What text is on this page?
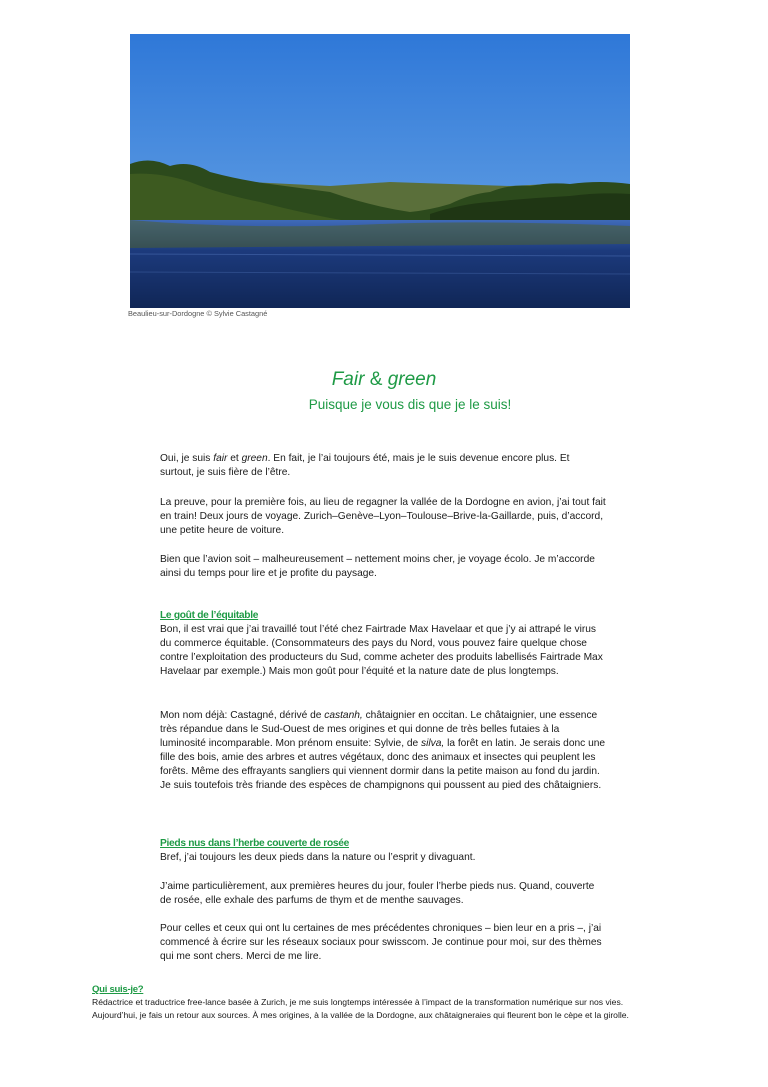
Beaulieu-sur-Dordogne © Sylvie Castagné
Fair & green
Puisque je vous dis que je le suis!

Oui, je suis fair et green. En fait, je l’ai toujours été, mais je le suis devenue encore plus. Et surtout, je suis fière de l’être.

La preuve, pour la première fois, au lieu de regagner la vallée de la Dordogne en avion, j’ai tout fait en train! Deux jours de voyage. Zurich–Genève–Lyon–Toulouse–Brive-la-Gaillarde, puis, d’accord, une petite heure de voiture.

Bien que l’avion soit – malheureusement – nettement moins cher, je voyage écolo. Je m’accorde ainsi du temps pour lire et je profite du paysage.

Le goût de l’équitable

Bon, il est vrai que j’ai travaillé tout l’été chez Fairtrade Max Havelaar et que j’y ai attrapé le virus du commerce équitable. (Consommateurs des pays du Nord, vous pouvez faire quelque chose contre l’exploitation des producteurs du Sud, comme acheter des produits labellisés Fairtrade Max Havelaar par exemple.) Mais mon goût pour l’équité et la nature date de plus longtemps.

Mon nom déjà: Castagné, dérivé de castanh, châtaignier en occitan. Le châtaignier, une essence très répandue dans le Sud-Ouest de mes origines et qui donne de très belles futaies à la luminosité incomparable. Mon prénom ensuite: Sylvie, de silva, la forêt en latin. Je serais donc une fille des bois, amie des arbres et autres végétaux, donc des animaux et insectes qui peuplent les forêts. Même des effrayants sangliers qui viennent dormir dans la petite maison au fond du jardin. Je suis toutefois très friande des espèces de champignons qui poussent au pied des châtaigniers.

Pieds nus dans l’herbe couverte de rosée

Bref, j’ai toujours les deux pieds dans la nature ou l’esprit y divaguant.

J’aime particulièrement, aux premières heures du jour, fouler l’herbe pieds nus. Quand, couverte de rosée, elle exhale des parfums de thym et de menthe sauvages.

Pour celles et ceux qui ont lu certaines de mes précédentes chroniques – bien leur en a pris –, j’ai commencé à écrire sur les réseaux sociaux pour swisscom. Je continue pour moi, sur des thèmes qui me sont chers. Merci de me lire.

Qui suis-je?

Rédactrice et traductrice free-lance basée à Zurich, je me suis longtemps intéressée à l’impact de la transformation numérique sur nos vies.

Aujourd’hui, je fais un retour aux sources. À mes origines, à la vallée de la Dordogne, aux châtaigneraies qui fleurent bon le cèpe et la girolle.
